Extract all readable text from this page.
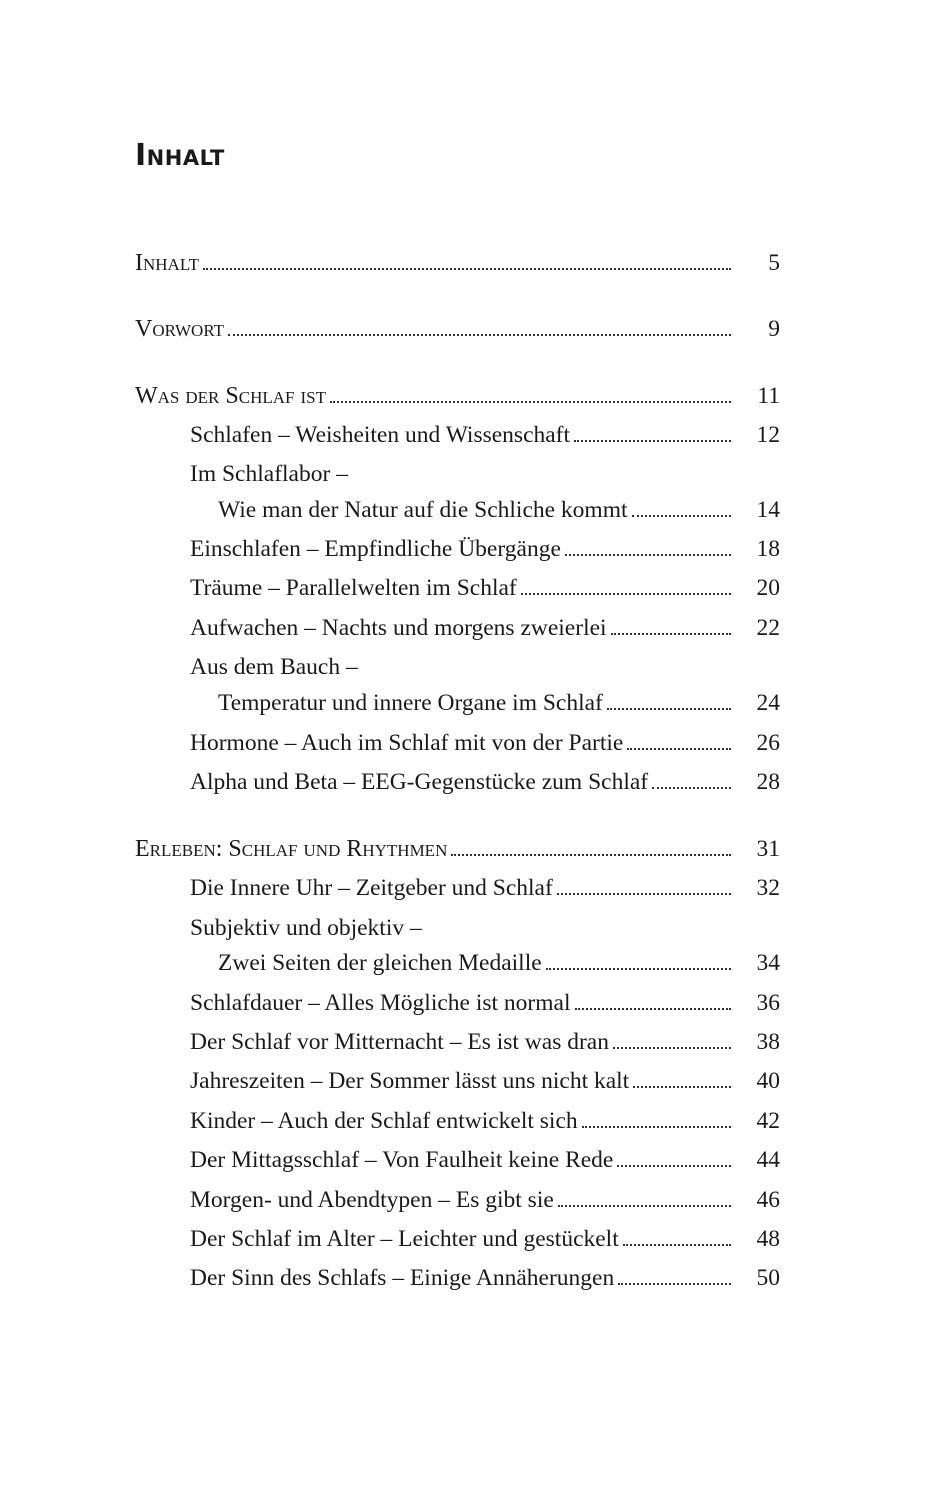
Inhalt
Inhalt	5
Vorwort	9
Was der Schlaf ist	11
Schlafen – Weisheiten und Wissenschaft	12
Im Schlaflabor –
Wie man der Natur auf die Schliche kommt	14
Einschlafen – Empfindliche Übergänge	18
Träume – Parallelwelten im Schlaf	20
Aufwachen – Nachts und morgens zweierlei	22
Aus dem Bauch –
Temperatur und innere Organe im Schlaf	24
Hormone – Auch im Schlaf mit von der Partie	26
Alpha und Beta – EEG-Gegenstücke zum Schlaf	28
Erleben: Schlaf und Rhythmen	31
Die Innere Uhr – Zeitgeber und Schlaf	32
Subjektiv und objektiv –
Zwei Seiten der gleichen Medaille	34
Schlafdauer – Alles Mögliche ist normal	36
Der Schlaf vor Mitternacht – Es ist was dran	38
Jahreszeiten – Der Sommer lässt uns nicht kalt	40
Kinder – Auch der Schlaf entwickelt sich	42
Der Mittagsschlaf – Von Faulheit keine Rede	44
Morgen- und Abendtypen – Es gibt sie	46
Der Schlaf im Alter – Leichter und gestückelt	48
Der Sinn des Schlafs – Einige Annäherungen	50
